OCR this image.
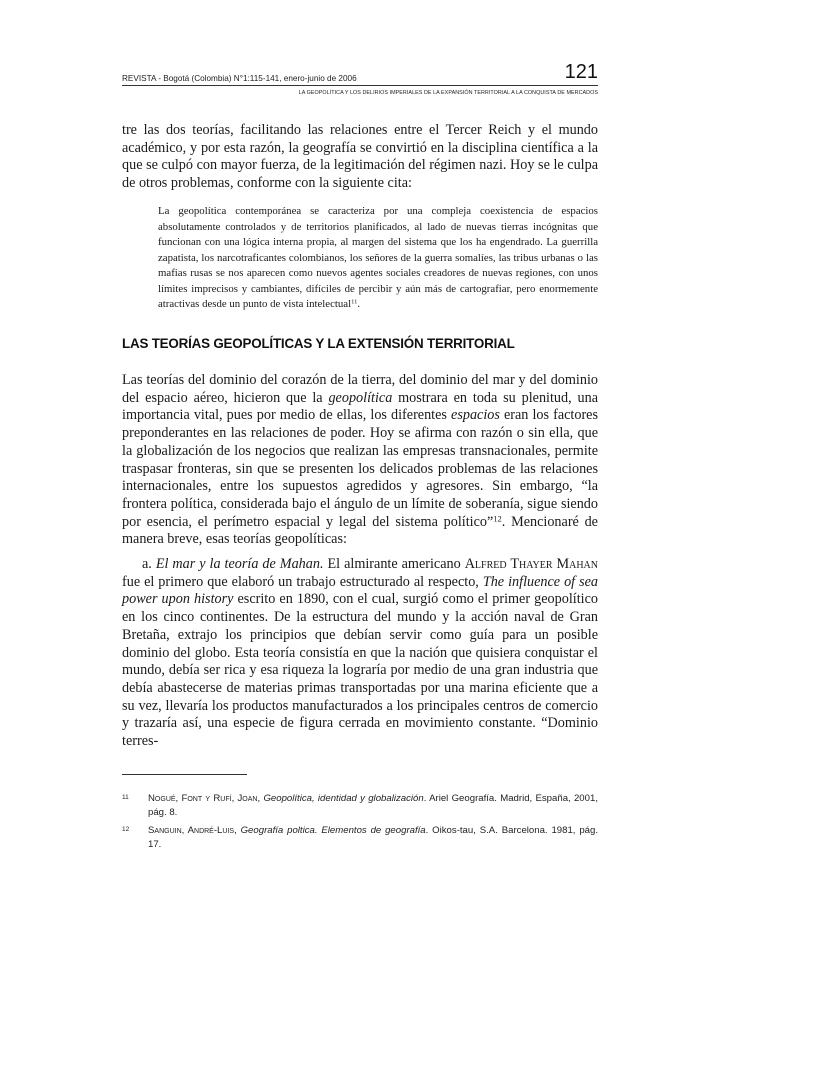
REVISTA - Bogotá (Colombia) N°1:115-141, enero-junio de 2006	121
LA GEOPOLÍTICA Y LOS DELIRIOS IMPERIALES DE LA EXPANSIÓN TERRITORIAL A LA CONQUISTA DE MERCADOS

tre las dos teorías, facilitando las relaciones entre el Tercer Reich y el mundo académico, y por esta razón, la geografía se convirtió en la disciplina científica a la que se culpó con mayor fuerza, de la legitimación del régimen nazi. Hoy se le culpa de otros problemas, conforme con la siguiente cita:

La geopolítica contemporánea se caracteriza por una compleja coexistencia de espacios absolutamente controlados y de territorios planificados, al lado de nuevas tierras incógnitas que funcionan con una lógica interna propia, al margen del sistema que los ha engendrado. La guerrilla zapatista, los narcotraficantes colombianos, los señores de la guerra somalíes, las tribus urbanas o las mafias rusas se nos aparecen como nuevos agentes sociales creadores de nuevas regiones, con unos límites imprecisos y cambiantes, difíciles de percibir y aún más de cartografiar, pero enormemente atractivas desde un punto de vista intelectual$^{11}$.

LAS TEORÍAS GEOPOLÍTICAS Y LA EXTENSIÓN TERRITORIAL

Las teorías del dominio del corazón de la tierra, del dominio del mar y del dominio del espacio aéreo, hicieron que la geopolítica mostrara en toda su plenitud, una importancia vital, pues por medio de ellas, los diferentes espacios eran los factores preponderantes en las relaciones de poder. Hoy se afirma con razón o sin ella, que la globalización de los negocios que realizan las empresas transnacionales, permite traspasar fronteras, sin que se presenten los delicados problemas de las relaciones internacionales, entre los supuestos agredidos y agresores. Sin embargo, “la frontera política, considerada bajo el ángulo de un límite de soberanía, sigue siendo por esencia, el perímetro espacial y legal del sistema político”$^{12}$. Mencionaré de manera breve, esas teorías geopolíticas:

a. El mar y la teoría de Mahan. El almirante americano Alfred Thayer Mahan fue el primero que elaboró un trabajo estructurado al respecto, The influence of sea power upon history escrito en 1890, con el cual, surgió como el primer geopolítico en los cinco continentes. De la estructura del mundo y la acción naval de Gran Bretaña, extrajo los principios que debían servir como guía para un posible dominio del globo. Esta teoría consistía en que la nación que quisiera conquistar el mundo, debía ser rica y esa riqueza la lograría por medio de una gran industria que debía abastecerse de materias primas transportadas por una marina eficiente que a su vez, llevaría los productos manufacturados a los principales centros de comercio y trazaría así, una especie de figura cerrada en movimiento constante. “Dominio terres-

11 Nogué, Font y Rufí, Joan, Geopolítica, identidad y globalización. Ariel Geografía. Madrid, España, 2001, pág. 8.

12 Sanguin, André-Luis, Geografía poltica. Elementos de geografía. Oikos-tau, S.A. Barcelona. 1981, pág. 17.
